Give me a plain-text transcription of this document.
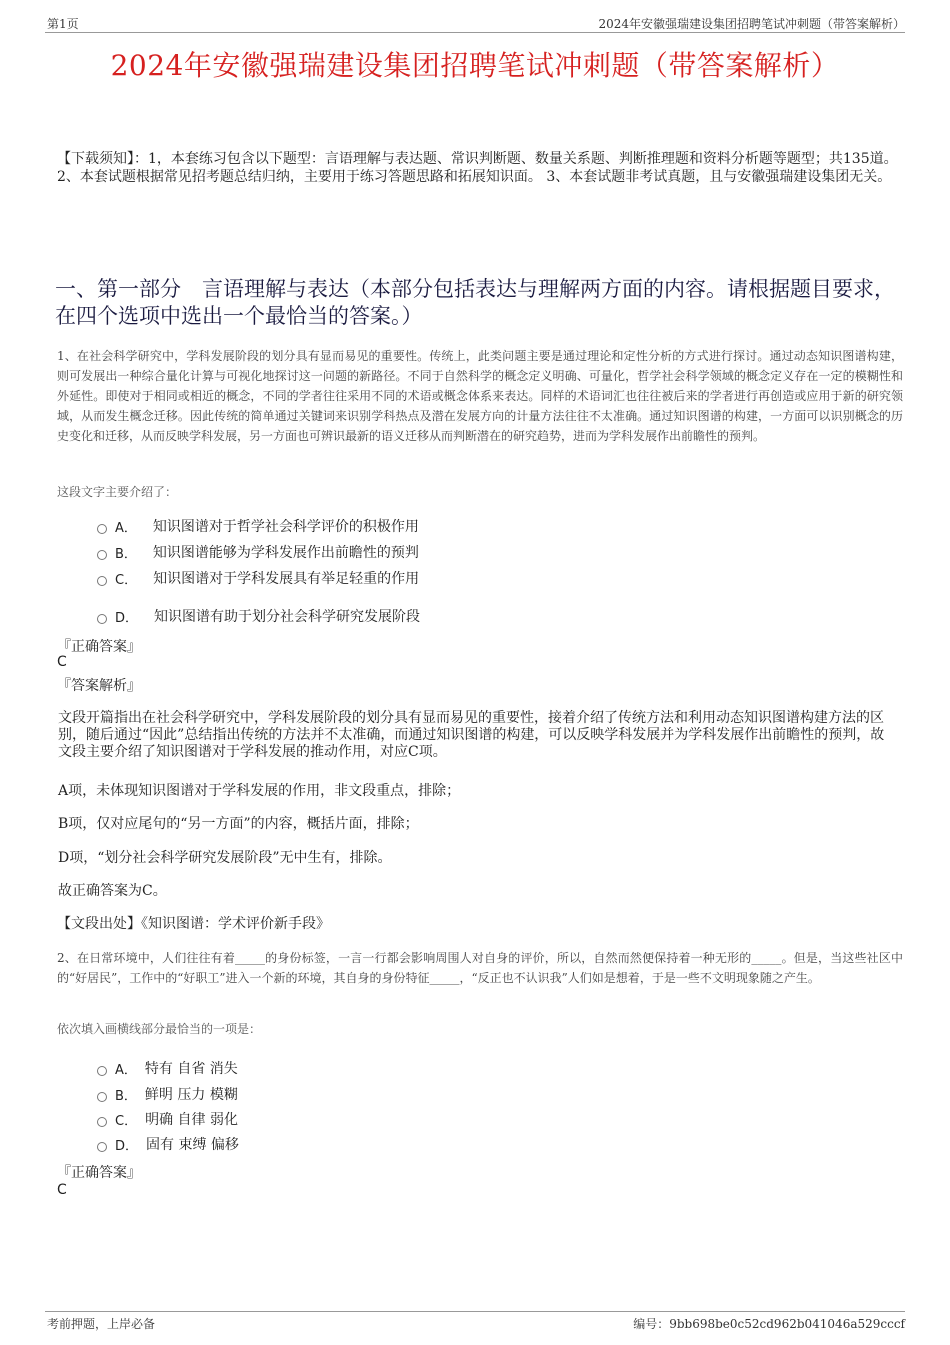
第1页	2024年安徽强瑞建设集团招聘笔试冲刺题（带答案解析）
2024年安徽强瑞建设集团招聘笔试冲刺题（带答案解析）
【下载须知】：1，本套练习包含以下题型：言语理解与表达题、常识判断题、数量关系题、判断推理题和资料分析题等题型；共135道。 2、本套试题根据常见招考题总结归纳，主要用于练习答题思路和拓展知识面。 3、本套试题非考试真题，且与安徽强瑞建设集团无关。
一、第一部分　言语理解与表达（本部分包括表达与理解两方面的内容。请根据题目要求，在四个选项中选出一个最恰当的答案。）
1、在社会科学研究中，学科发展阶段的划分具有显而易见的重要性。传统上，此类问题主要是通过理论和定性分析的方式进行探讨。通过动态知识图谱构建，则可发展出一种综合量化计算与可视化地探讨这一问题的新路径。不同于自然科学的概念定义明确、可量化，哲学社会科学领域的概念定义存在一定的模糊性和外延性。即使对于相同或相近的概念，不同的学者往往采用不同的术语或概念体系来表达。同样的术语词汇也往往被后来的学者进行再创造或应用于新的研究领域，从而发生概念迁移。因此传统的简单通过关键词来识别学科热点及潜在发展方向的计量方法往往不太准确。通过知识图谱的构建，一方面可以识别概念的历史变化和迁移，从而反映学科发展，另一方面也可辨识最新的语义迁移从而判断潜在的研究趋势，进而为学科发展作出前瞻性的预判。
这段文字主要介绍了：
A． 知识图谱对于哲学社会科学评价的积极作用
B． 知识图谱能够为学科发展作出前瞻性的预判
C． 知识图谱对于学科发展具有举足轻重的作用
D． 知识图谱有助于划分社会科学研究发展阶段
『正确答案』
C
『答案解析』
文段开篇指出在社会科学研究中，学科发展阶段的划分具有显而易见的重要性，接着介绍了传统方法和利用动态知识图谱构建方法的区别，随后通过“因此”总结指出传统的方法并不太准确，而通过知识图谱的构建，可以反映学科发展并为学科发展作出前瞻性的预判，故文段主要介绍了知识图谱对于学科发展的推动作用，对应C项。
A项，未体现知识图谱对于学科发展的作用，非文段重点，排除；
B项，仅对应尾句的“另一方面”的内容，概括片面，排除；
D项，“划分社会科学研究发展阶段”无中生有，排除。
故正确答案为C。
【文段出处】《知识图谱：学术评价新手段》
2、在日常环境中，人们往往有着_____的身份标签，一言一行都会影响周围人对自身的评价，所以，自然而然便保持着一种无形的_____。但是，当这些社区中的“好居民”，工作中的“好职工”进入一个新的环境，其自身的身份特征_____，“反正也不认识我”人们如是想着，于是一些不文明现象随之产生。
依次填入画横线部分最恰当的一项是：
A． 特有 自省 消失
B． 鲜明 压力 模糊
C． 明确 自律 弱化
D． 固有 束缚 偏移
『正确答案』
C
考前押题，上岸必备	编号：9bb698be0c52cd962b041046a529cccf
